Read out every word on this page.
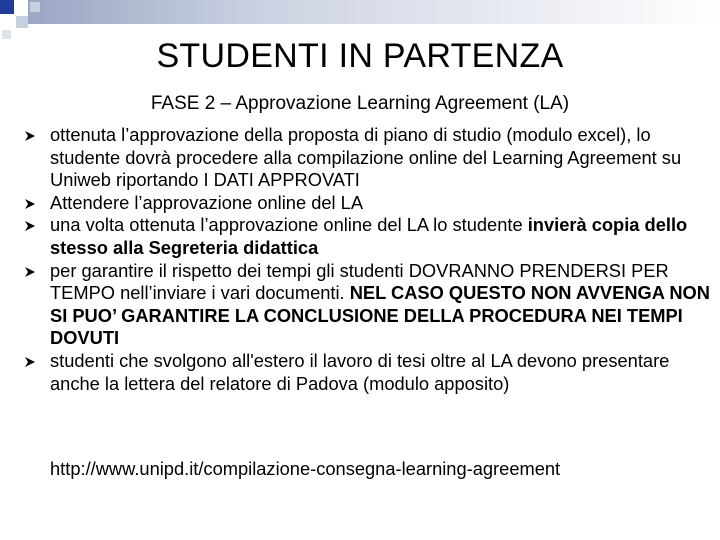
STUDENTI IN PARTENZA
FASE 2 – Approvazione Learning Agreement (LA)
ottenuta l’approvazione della proposta di piano di studio (modulo excel), lo studente dovrà procedere alla compilazione online del Learning Agreement su Uniweb riportando I DATI APPROVATI
Attendere l’approvazione online del LA
una volta ottenuta l’approvazione online del LA lo studente invierà copia dello stesso alla Segreteria didattica
per garantire il rispetto dei tempi gli studenti DOVRANNO PRENDERSI PER TEMPO nell’inviare i vari documenti. NEL CASO QUESTO NON AVVENGA NON SI PUO’ GARANTIRE LA CONCLUSIONE DELLA PROCEDURA NEI TEMPI DOVUTI
studenti che svolgono all'estero il lavoro di tesi oltre al LA devono presentare anche la lettera del relatore di Padova (modulo apposito)
http://www.unipd.it/compilazione-consegna-learning-agreement
